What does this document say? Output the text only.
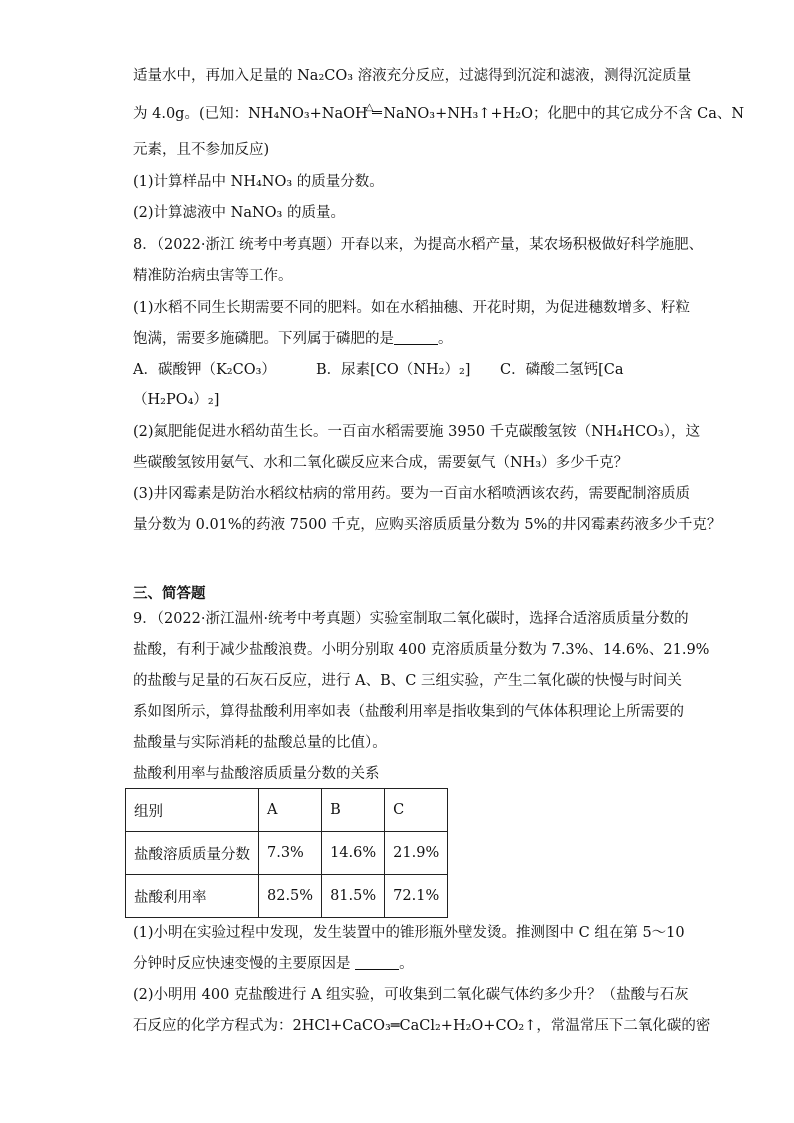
适量水中，再加入足量的 Na₂CO₃ 溶液充分反应，过滤得到沉淀和滤液，测得沉淀质量
为 4.0g。(已知：NH₄NO₃+NaOH△ NaNO₃+NH₃↑+H₂O；化肥中的其它成分不含 Ca、N
元素，且不参加反应)
(1)计算样品中 NH₄NO₃ 的质量分数。
(2)计算滤液中 NaNO₃ 的质量。
8．（2022·浙江 统考中考真题）开春以来，为提高水稻产量，某农场积极做好科学施肥、
精准防治病虫害等工作。
(1)水稻不同生长期需要不同的肥料。如在水稻抽穗、开花时期，为促进穗数增多、籽粒
饱满，需要多施磷肥。下列属于磷肥的是	。
A．碳酸钾（K₂CO₃）	B．尿素[CO（NH₂）₂] C．磷酸二氢钙[Ca
（H₂PO₄）₂]
(2)氮肥能促进水稻幼苗生长。一百亩水稻需要施 3950 千克碳酸氢铵（NH₄HCO₃），这
些碳酸氢铵用氨气、水和二氧化碳反应来合成，需要氨气（NH₃）多少千克？
(3)井冈霉素是防治水稻纹枯病的常用药。要为一百亩水稻喷洒该农药，需要配制溶质质
量分数为 0.01%的药液 7500 千克，应购买溶质质量分数为 5%的井冈霉素药液多少千克？
三、简答题
9．（2022·浙江温州·统考中考真题）实验室制取二氧化碳时，选择合适溶质质量分数的
盐酸，有利于减少盐酸浪费。小明分别取 400 克溶质质量分数为 7.3%、14.6%、21.9%
的盐酸与足量的石灰石反应，进行 A、B、C 三组实验，产生二氧化碳的快慢与时间关
系如图所示，算得盐酸利用率如表（盐酸利用率是指收集到的气体体积理论上所需要的
盐酸量与实际消耗的盐酸总量的比值）。
盐酸利用率与盐酸溶质质量分数的关系
组别	A	B	C
盐酸溶质质量分数	7.3%	14.6%	21.9%
盐酸利用率	82.5%	81.5%	72.1%
(1)小明在实验过程中发现，发生装置中的锥形瓶外壁发烫。推测图中 C 组在第 5～10
分钟时反应快速变慢的主要原因是	。
(2)小明用 400 克盐酸进行 A 组实验，可收集到二氧化碳气体约多少升？（盐酸与石灰
石反应的化学方程式为：2HCl+CaCO₃═CaCl₂+H₂O+CO₂↑，常温常压下二氧化碳的密
